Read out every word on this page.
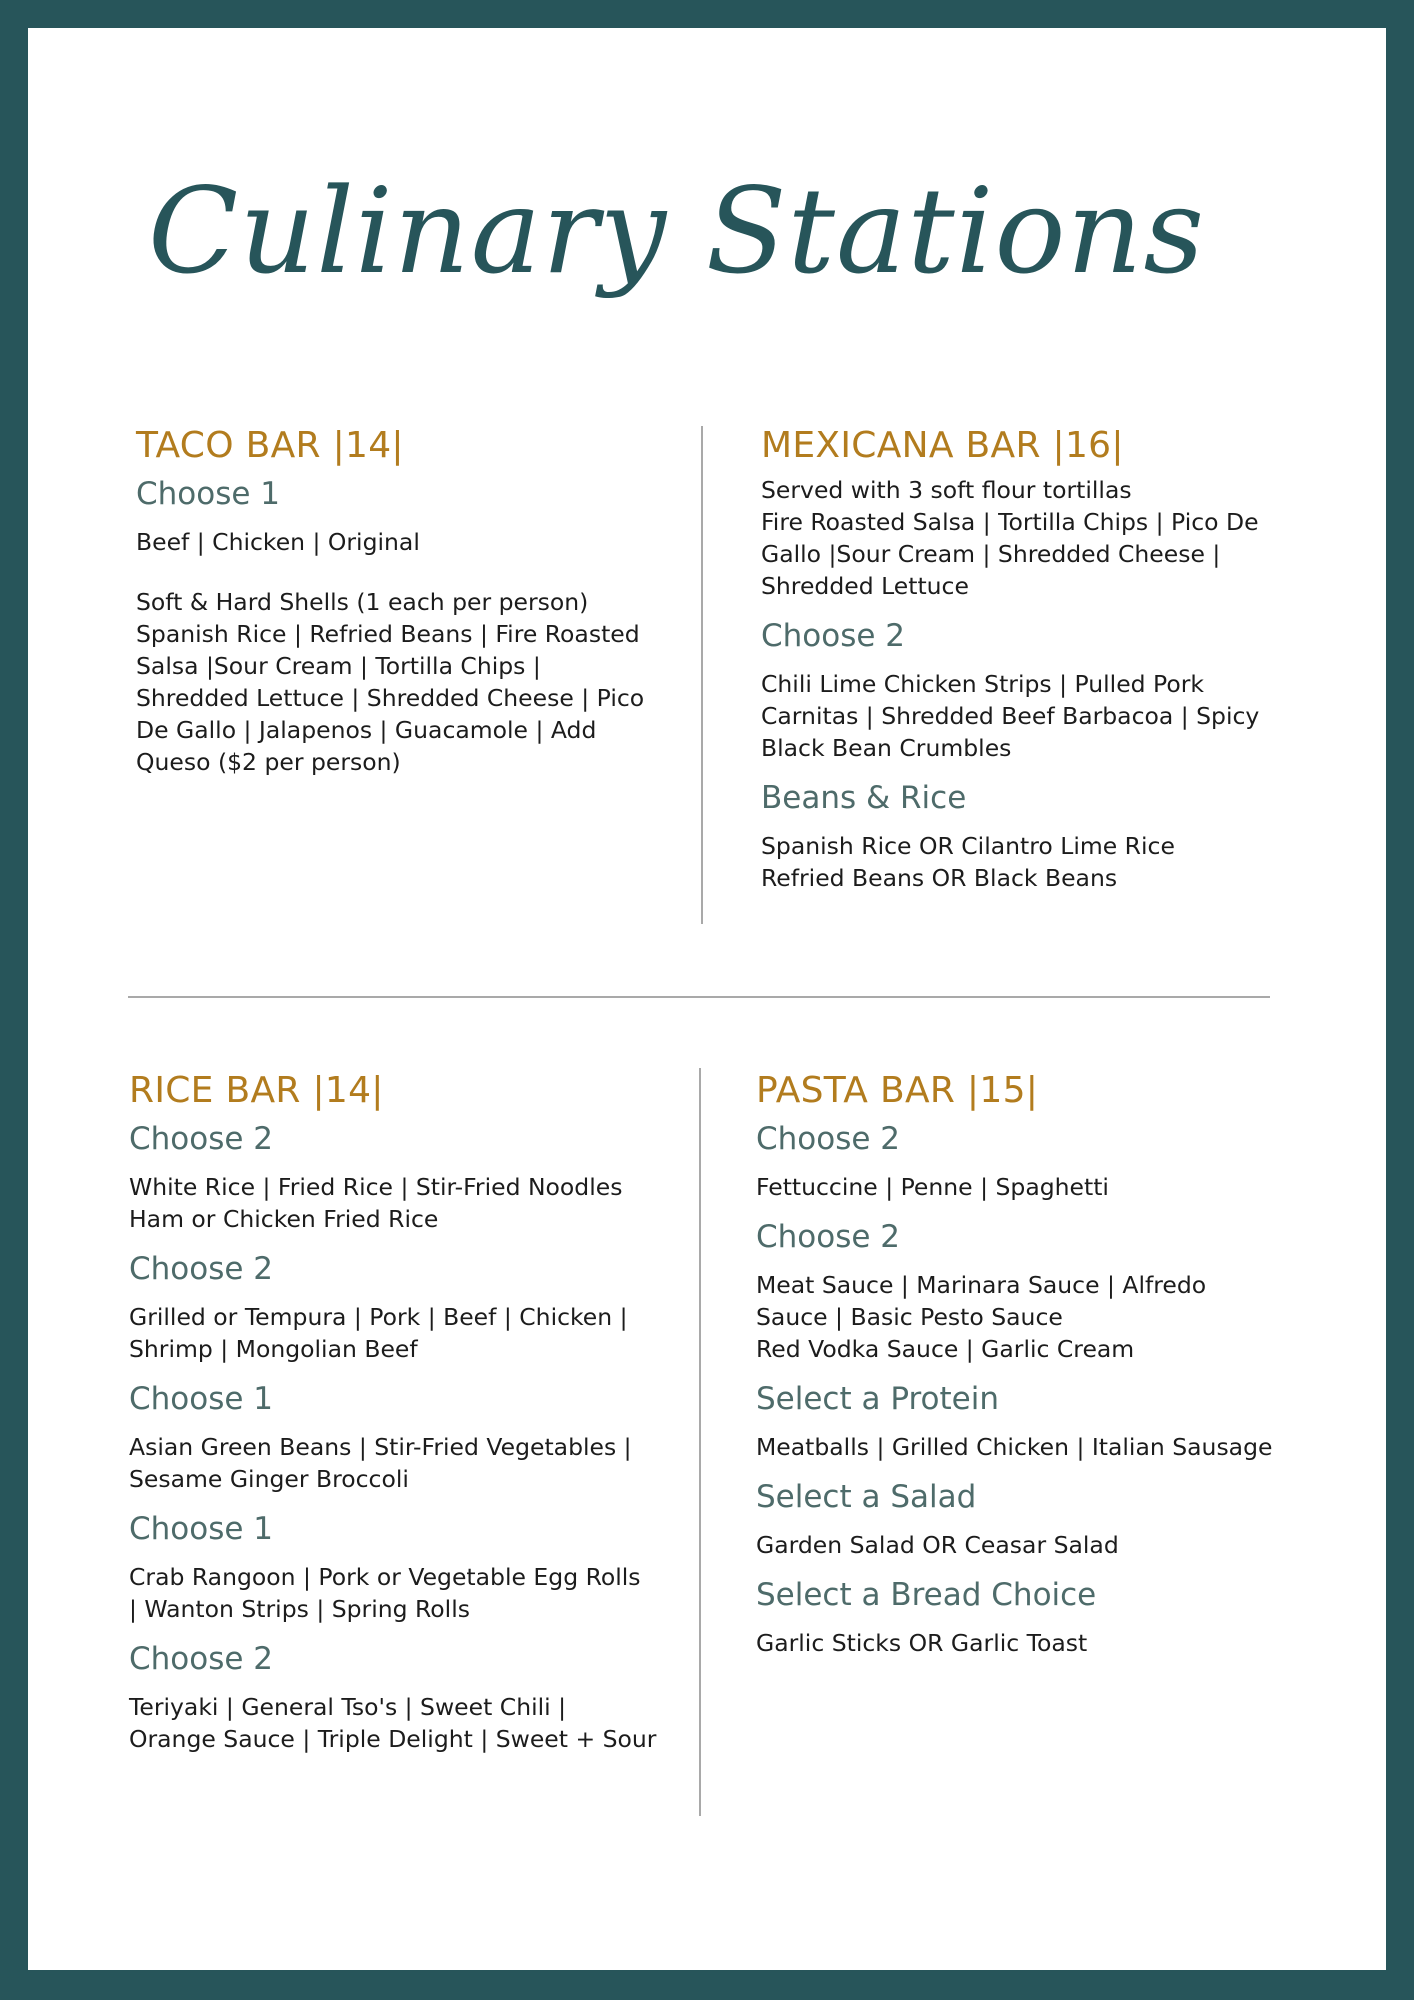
Culinary Stations
TACO BAR |14|
Choose 1
Beef | Chicken | Original
Soft & Hard Shells (1 each per person)
Spanish Rice | Refried Beans | Fire Roasted
Salsa |Sour Cream | Tortilla Chips |
Shredded Lettuce | Shredded Cheese | Pico
De Gallo | Jalapenos | Guacamole | Add
Queso ($2 per person)
MEXICANA BAR |16|
Served with 3 soft flour tortillas
Fire Roasted Salsa | Tortilla Chips | Pico De
Gallo |Sour Cream | Shredded Cheese |
Shredded Lettuce
Choose 2
Chili Lime Chicken Strips | Pulled Pork
Carnitas | Shredded Beef Barbacoa | Spicy
Black Bean Crumbles
Beans & Rice
Spanish Rice OR Cilantro Lime Rice
Refried Beans OR Black Beans
RICE BAR |14|
Choose 2
White Rice | Fried Rice | Stir-Fried Noodles
Ham or Chicken Fried Rice
Choose 2
Grilled or Tempura | Pork | Beef | Chicken |
Shrimp | Mongolian Beef
Choose 1
Asian Green Beans | Stir-Fried Vegetables |
Sesame Ginger Broccoli
Choose 1
Crab Rangoon | Pork or Vegetable Egg Rolls
| Wanton Strips | Spring Rolls
Choose 2
Teriyaki | General Tso's | Sweet Chili |
Orange Sauce | Triple Delight | Sweet + Sour
PASTA BAR |15|
Choose 2
Fettuccine | Penne | Spaghetti
Choose 2
Meat Sauce | Marinara Sauce | Alfredo
Sauce | Basic Pesto Sauce
Red Vodka Sauce | Garlic Cream
Select a Protein
Meatballs | Grilled Chicken | Italian Sausage
Select a Salad
Garden Salad OR Ceasar Salad
Select a Bread Choice
Garlic Sticks OR Garlic Toast
